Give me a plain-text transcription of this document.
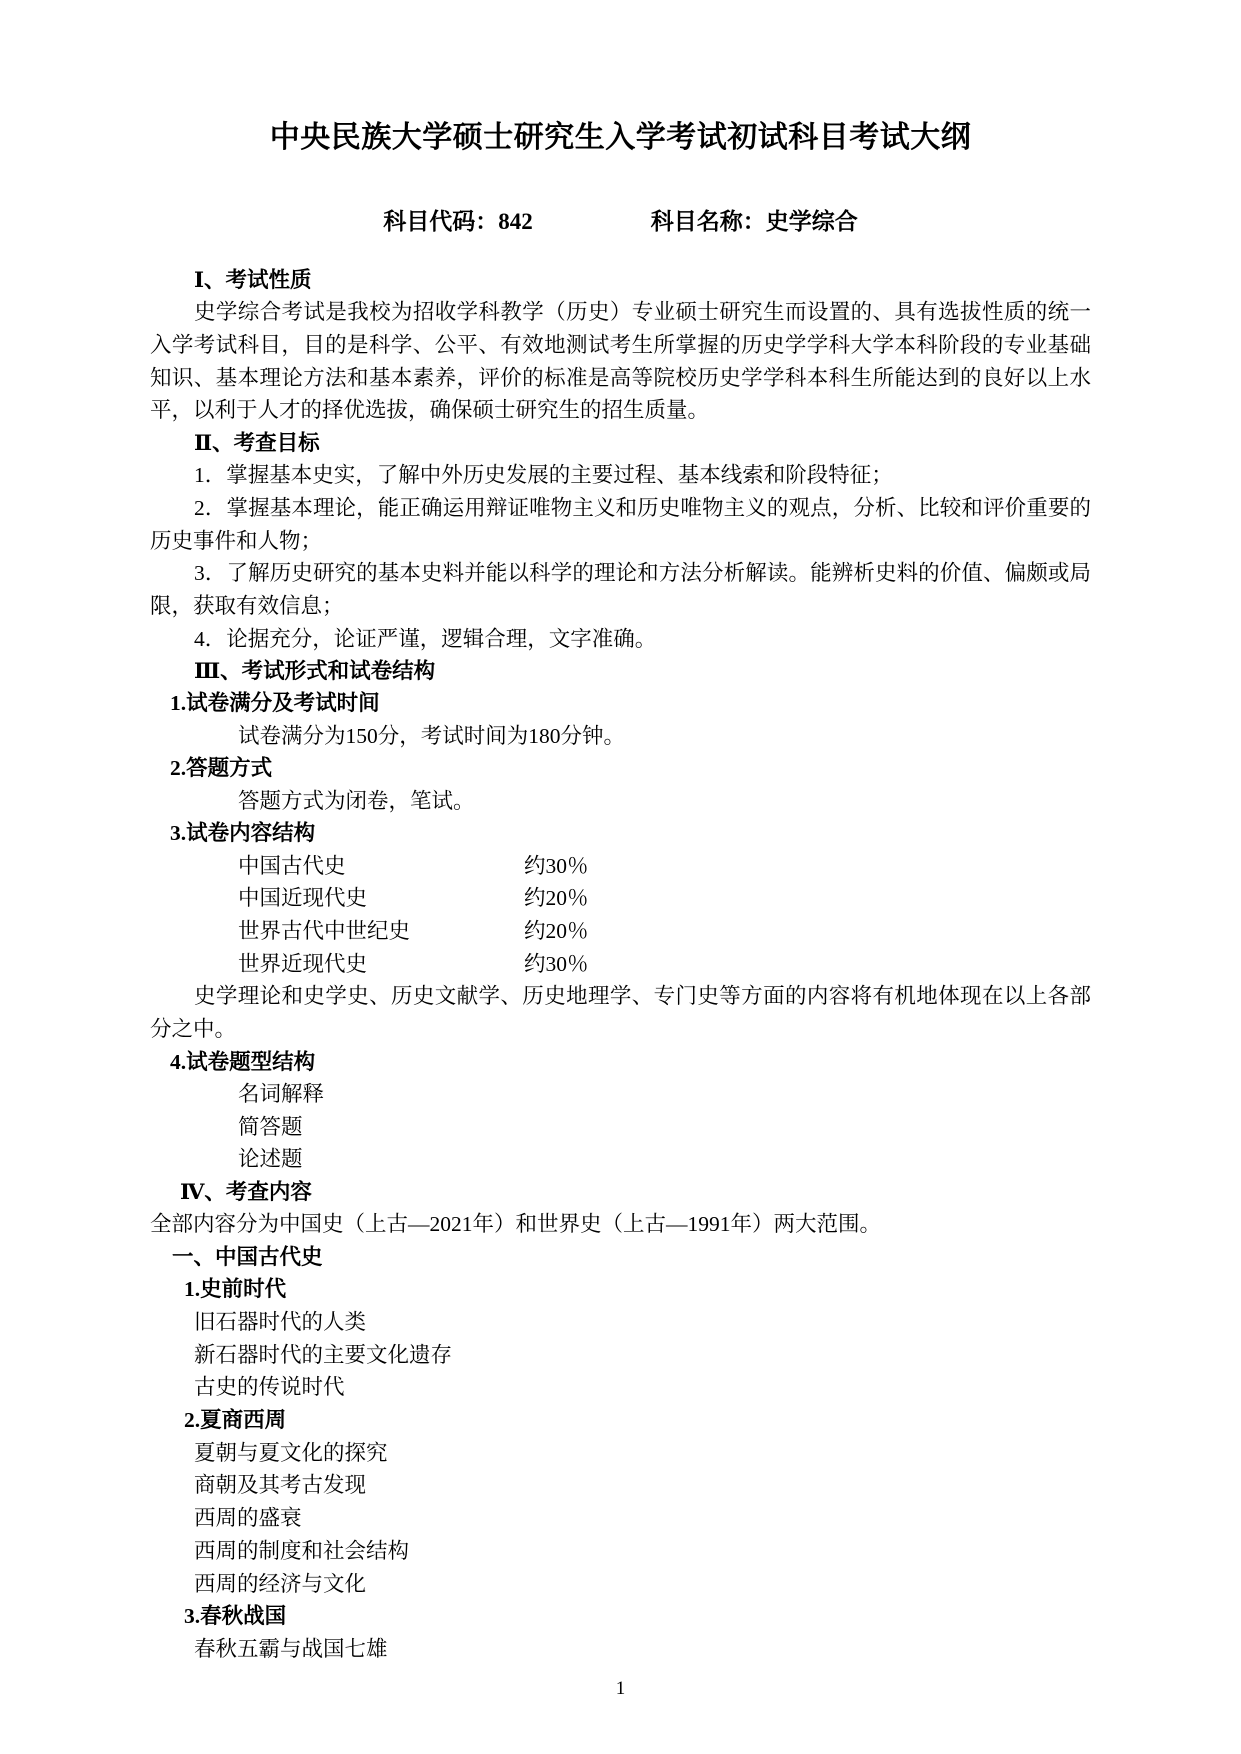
中央民族大学硕士研究生入学考试初试科目考试大纲
科目代码：842	科目名称：史学综合

Ⅰ、考试性质

史学综合考试是我校为招收学科教学（历史）专业硕士研究生而设置的、具有选拔性质的统一入学考试科目，目的是科学、公平、有效地测试考生所掌握的历史学学科大学本科阶段的专业基础知识、基本理论方法和基本素养，评价的标准是高等院校历史学学科本科生所能达到的良好以上水平，以利于人才的择优选拔，确保硕士研究生的招生质量。

Ⅱ、考查目标

1．掌握基本史实，了解中外历史发展的主要过程、基本线索和阶段特征；

2．掌握基本理论，能正确运用辩证唯物主义和历史唯物主义的观点，分析、比较和评价重要的历史事件和人物；

3．了解历史研究的基本史料并能以科学的理论和方法分析解读。能辨析史料的价值、偏颇或局限，获取有效信息；

4．论据充分，论证严谨，逻辑合理，文字准确。

Ⅲ、考试形式和试卷结构

1.试卷满分及考试时间

试卷满分为150分，考试时间为180分钟。

2.答题方式

答题方式为闭卷，笔试。

3.试卷内容结构

中国古代史	约30％
中国近现代史	约20％
世界古代中世纪史	约20％
世界近现代史	约30％

史学理论和史学史、历史文献学、历史地理学、专门史等方面的内容将有机地体现在以上各部分之中。

4.试卷题型结构

名词解释

简答题

论述题

Ⅳ、考查内容

全部内容分为中国史（上古—2021年）和世界史（上古—1991年）两大范围。

一、中国古代史

1.史前时代

旧石器时代的人类

新石器时代的主要文化遗存

古史的传说时代

2.夏商西周

夏朝与夏文化的探究

商朝及其考古发现

西周的盛衰

西周的制度和社会结构

西周的经济与文化

3.春秋战国

春秋五霸与战国七雄

1
